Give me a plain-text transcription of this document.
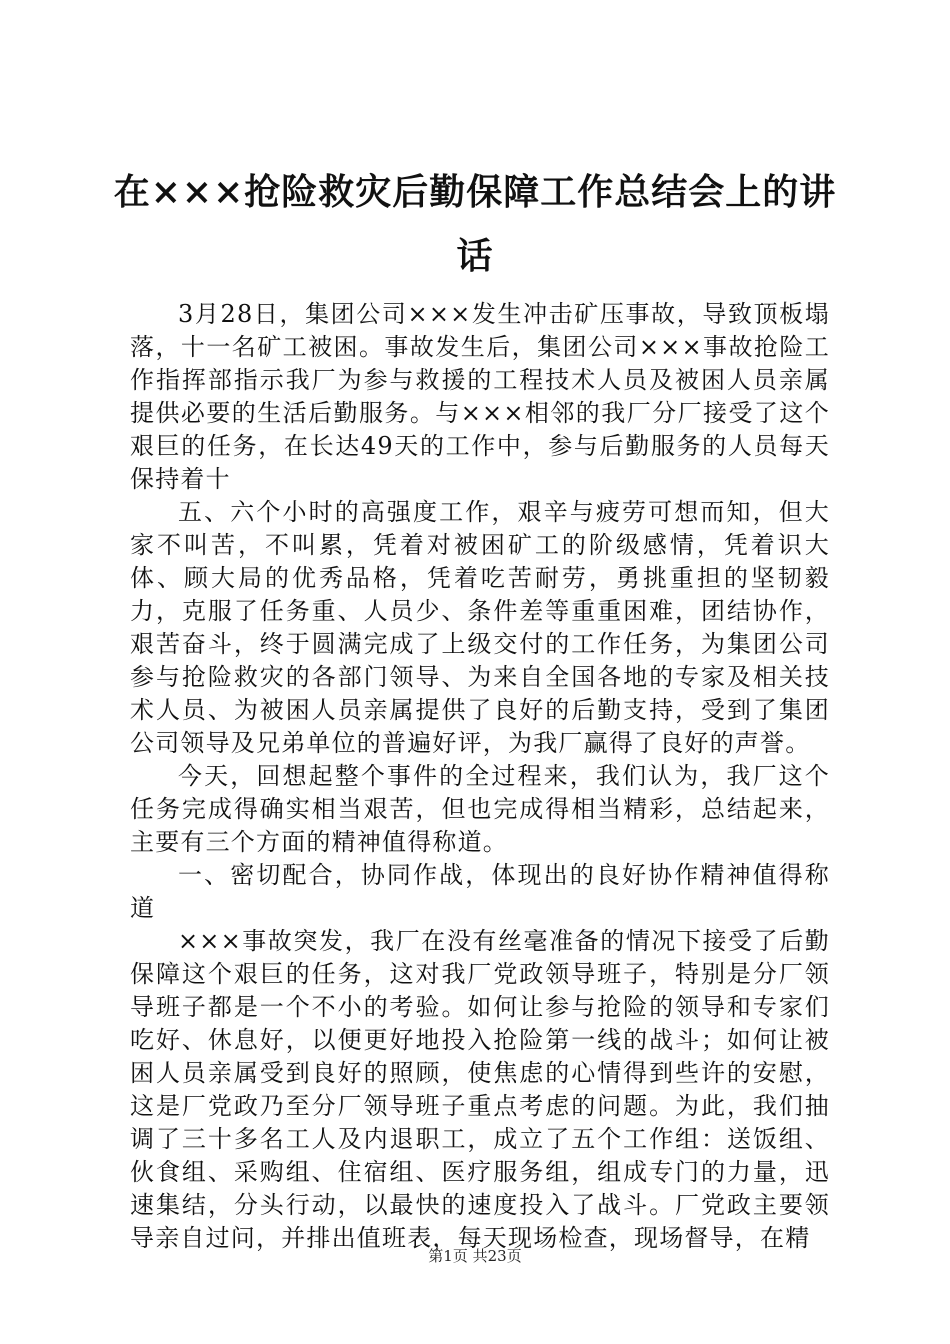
在×××抢险救灾后勤保障工作总结会上的讲话

3月28日，集团公司×××发生冲击矿压事故，导致顶板塌落，十一名矿工被困。事故发生后，集团公司×××事故抢险工作指挥部指示我厂为参与救援的工程技术人员及被困人员亲属提供必要的生活后勤服务。与×××相邻的我厂分厂接受了这个艰巨的任务，在长达49天的工作中，参与后勤服务的人员每天保持着十

五、六个小时的高强度工作，艰辛与疲劳可想而知，但大家不叫苦，不叫累，凭着对被困矿工的阶级感情，凭着识大体、顾大局的优秀品格，凭着吃苦耐劳，勇挑重担的坚韧毅力，克服了任务重、人员少、条件差等重重困难，团结协作，艰苦奋斗，终于圆满完成了上级交付的工作任务，为集团公司参与抢险救灾的各部门领导、为来自全国各地的专家及相关技术人员、为被困人员亲属提供了良好的后勤支持，受到了集团公司领导及兄弟单位的普遍好评，为我厂赢得了良好的声誉。

今天，回想起整个事件的全过程来，我们认为，我厂这个任务完成得确实相当艰苦，但也完成得相当精彩，总结起来，主要有三个方面的精神值得称道。

一、密切配合，协同作战，体现出的良好协作精神值得称道

×××事故突发，我厂在没有丝毫准备的情况下接受了后勤保障这个艰巨的任务，这对我厂党政领导班子，特别是分厂领导班子都是一个不小的考验。如何让参与抢险的领导和专家们吃好、休息好，以便更好地投入抢险第一线的战斗；如何让被困人员亲属受到良好的照顾，使焦虑的心情得到些许的安慰，这是厂党政乃至分厂领导班子重点考虑的问题。为此，我们抽调了三十多名工人及内退职工，成立了五个工作组：送饭组、伙食组、采购组、住宿组、医疗服务组，组成专门的力量，迅速集结，分头行动，以最快的速度投入了战斗。厂党政主要领导亲自过问，并排出值班表，每天现场检查，现场督导，在精

第1页 共23页
